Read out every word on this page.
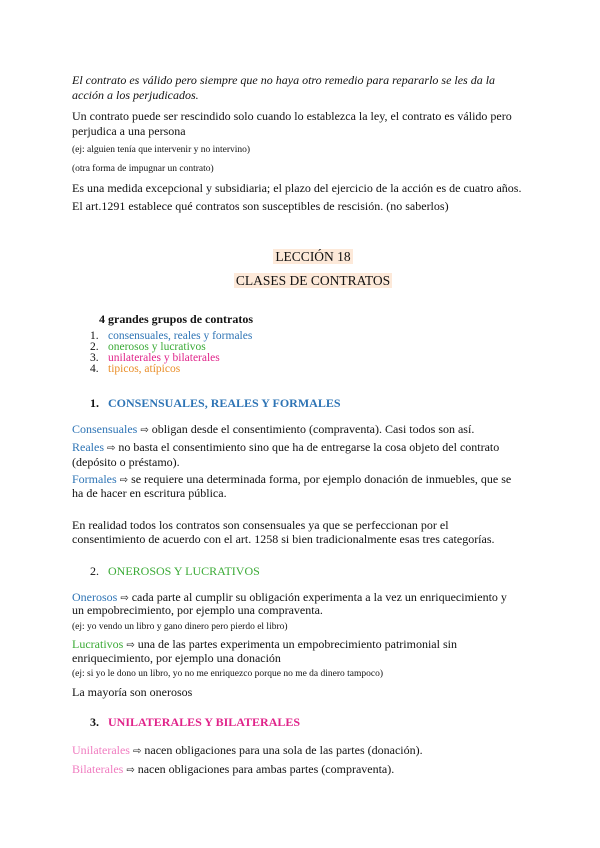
El contrato es válido pero siempre que no haya otro remedio para repararlo se les da la
acción a los perjudicados.
Un contrato puede ser rescindido solo cuando lo establezca la ley, el contrato es válido pero
perjudica a una persona
(ej: alguien tenía que intervenir y no intervino)
(otra forma de impugnar un contrato)
Es una medida excepcional y subsidiaria; el plazo del ejercicio de la acción es de cuatro años.
El art.1291 establece qué contratos son susceptibles de rescisión. (no saberlos)
LECCIÓN 18
CLASES DE CONTRATOS
4 grandes grupos de contratos
1. consensuales, reales y formales
2. onerosos y lucrativos
3. unilaterales y bilaterales
4. tipicos, atípicos
1. CONSENSUALES, REALES Y FORMALES
Consensuales ⇨ obligan desde el consentimiento (compraventa). Casi todos son así.
Reales ⇨ no basta el consentimiento sino que ha de entregarse la cosa objeto del contrato
(depósito o préstamo).
Formales ⇨ se requiere una determinada forma, por ejemplo donación de inmuebles, que se
ha de hacer en escritura pública.
En realidad todos los contratos son consensuales ya que se perfeccionan por el
consentimiento de acuerdo con el art. 1258 si bien tradicionalmente esas tres categorías.
2. ONEROSOS Y LUCRATIVOS
Onerosos ⇨ cada parte al cumplir su obligación experimenta a la vez un enriquecimiento y
un empobrecimiento, por ejemplo una compraventa.
(ej: yo vendo un libro y gano dinero pero pierdo el libro)
Lucrativos ⇨ una de las partes experimenta un empobrecimiento patrimonial sin
enriquecimiento, por ejemplo una donación
(ej: si yo le dono un libro, yo no me enriquezco porque no me da dinero tampoco)
La mayoría son onerosos
3. UNILATERALES Y BILATERALES
Unilaterales ⇨ nacen obligaciones para una sola de las partes (donación).
Bilaterales ⇨ nacen obligaciones para ambas partes (compraventa).
